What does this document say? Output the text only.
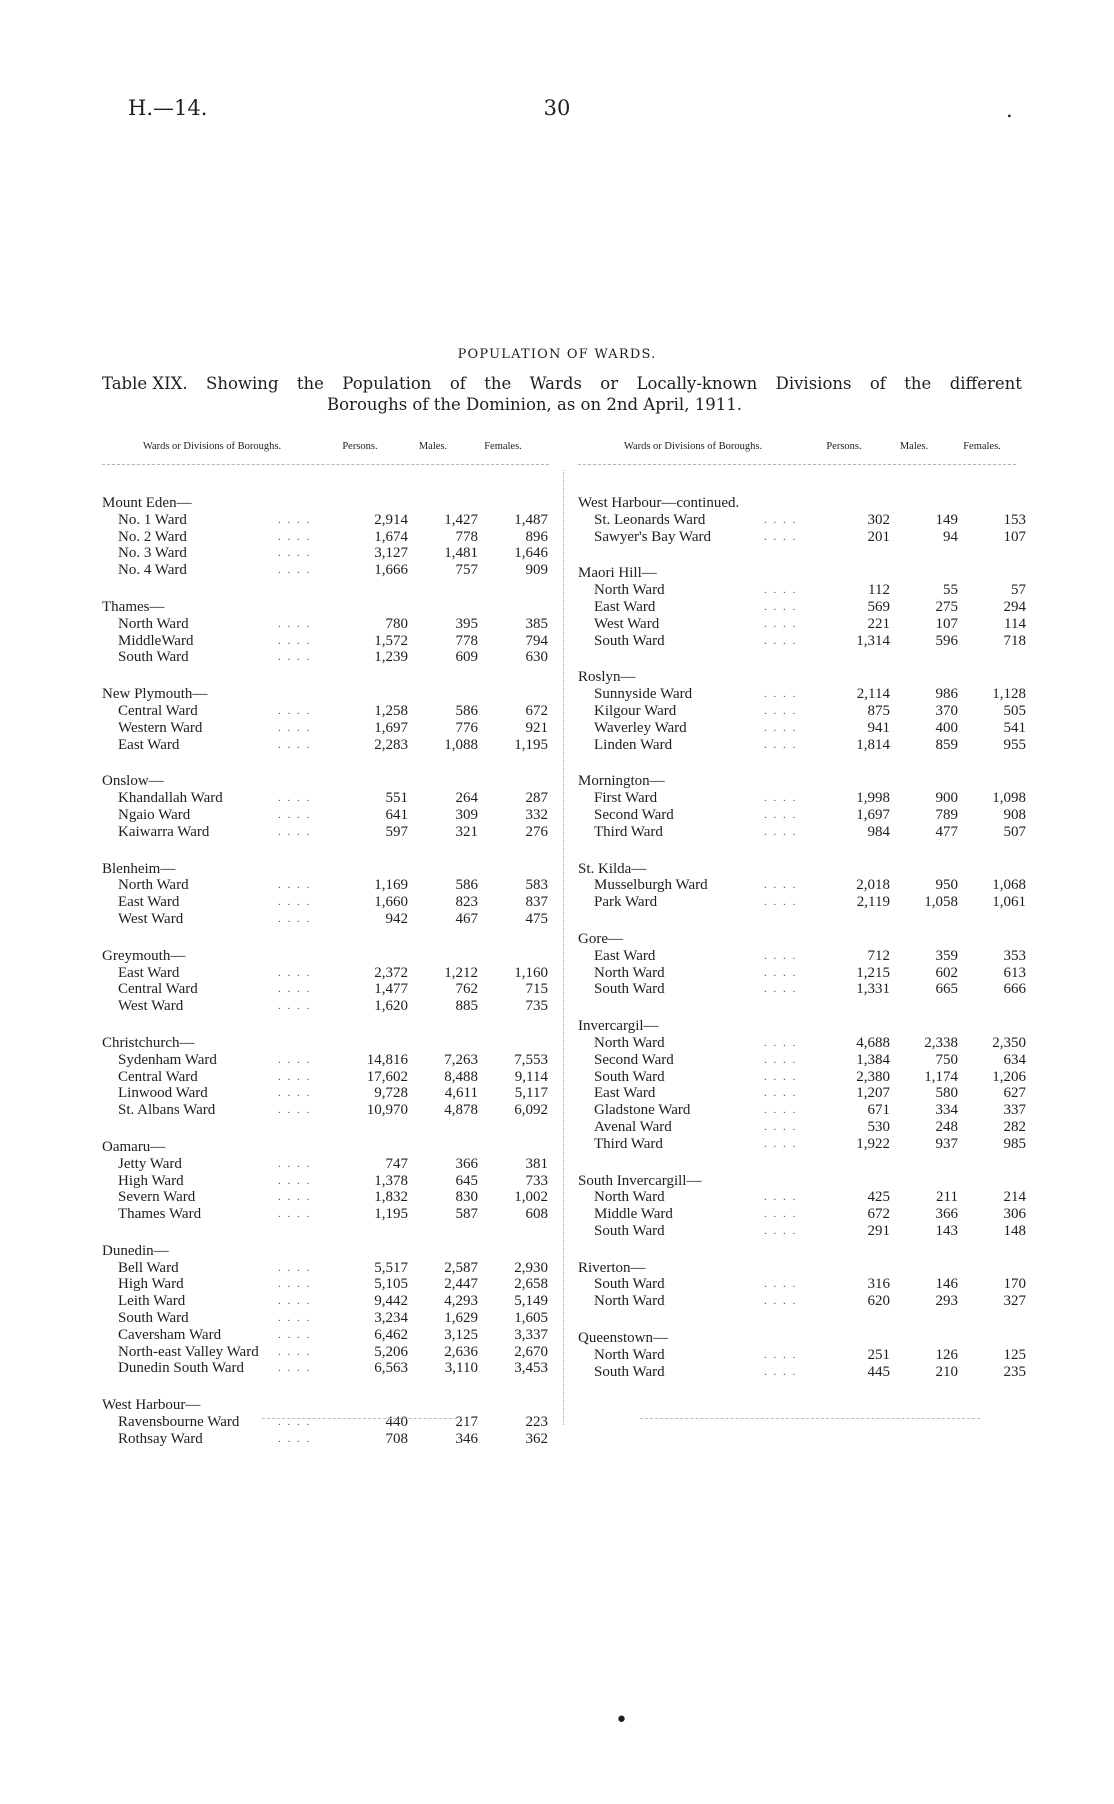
H.—14.	30	.
POPULATION OF WARDS.
Table XIX. Showing the Population of the Wards or Locally-known Divisions of the different
Boroughs of the Dominion, as on 2nd April, 1911.
Wards or Divisions of Boroughs.	Persons.	Males.	Females.
Mount Eden—
No. 1 Ward	. . . .	2,914	1,427	1,487
No. 2 Ward	. . . .	1,674	778	896
No. 3 Ward	. . . .	3,127	1,481	1,646
No. 4 Ward	. . . .	1,666	757	909
Thames—
North Ward	. . . .	780	395	385
MiddleWard	. . . .	1,572	778	794
South Ward	. . . .	1,239	609	630
New Plymouth—
Central Ward	. . . .	1,258	586	672
Western Ward	. . . .	1,697	776	921
East Ward	. . . .	2,283	1,088	1,195
Onslow—
Khandallah Ward	. . . .	551	264	287
Ngaio Ward	. . . .	641	309	332
Kaiwarra Ward	. . . .	597	321	276
Blenheim—
North Ward	. . . .	1,169	586	583
East Ward	. . . .	1,660	823	837
West Ward	. . . .	942	467	475
Greymouth—
East Ward	. . . .	2,372	1,212	1,160
Central Ward	. . . .	1,477	762	715
West Ward	. . . .	1,620	885	735
Christchurch—
Sydenham Ward	. . . .	14,816	7,263	7,553
Central Ward	. . . .	17,602	8,488	9,114
Linwood Ward	. . . .	9,728	4,611	5,117
St. Albans Ward	. . . .	10,970	4,878	6,092
Oamaru—
Jetty Ward	. . . .	747	366	381
High Ward	. . . .	1,378	645	733
Severn Ward	. . . .	1,832	830	1,002
Thames Ward	. . . .	1,195	587	608
Dunedin—
Bell Ward	. . . .	5,517	2,587	2,930
High Ward	. . . .	5,105	2,447	2,658
Leith Ward	. . . .	9,442	4,293	5,149
South Ward	. . . .	3,234	1,629	1,605
Caversham Ward	. . . .	6,462	3,125	3,337
North-east Valley Ward	. . . .	5,206	2,636	2,670
Dunedin South Ward	. . . .	6,563	3,110	3,453
West Harbour—
Ravensbourne Ward	. . . .	440	217	223
Rothsay Ward	. . . .	708	346	362
Wards or Divisions of Boroughs.	Persons.	Males.	Females.
West Harbour—continued.
St. Leonards Ward	. . . .	302	149	153
Sawyer's Bay Ward	. . . .	201	94	107
Maori Hill—
North Ward	. . . .	112	55	57
East Ward	. . . .	569	275	294
West Ward	. . . .	221	107	114
South Ward	. . . .	1,314	596	718
Roslyn—
Sunnyside Ward	. . . .	2,114	986	1,128
Kilgour Ward	. . . .	875	370	505
Waverley Ward	. . . .	941	400	541
Linden Ward	. . . .	1,814	859	955
Mornington—
First Ward	. . . .	1,998	900	1,098
Second Ward	. . . .	1,697	789	908
Third Ward	. . . .	984	477	507
St. Kilda—
Musselburgh Ward	. . . .	2,018	950	1,068
Park Ward	. . . .	2,119	1,058	1,061
Gore—
East Ward	. . . .	712	359	353
North Ward	. . . .	1,215	602	613
South Ward	. . . .	1,331	665	666
Invercargil—
North Ward	. . . .	4,688	2,338	2,350
Second Ward	. . . .	1,384	750	634
South Ward	. . . .	2,380	1,174	1,206
East Ward	. . . .	1,207	580	627
Gladstone Ward	. . . .	671	334	337
Avenal Ward	. . . .	530	248	282
Third Ward	. . . .	1,922	937	985
South Invercargill—
North Ward	. . . .	425	211	214
Middle Ward	. . . .	672	366	306
South Ward	. . . .	291	143	148
Riverton—
South Ward	. . . .	316	146	170
North Ward	. . . .	620	293	327
Queenstown—
North Ward	. . . .	251	126	125
South Ward	. . . .	445	210	235
•
